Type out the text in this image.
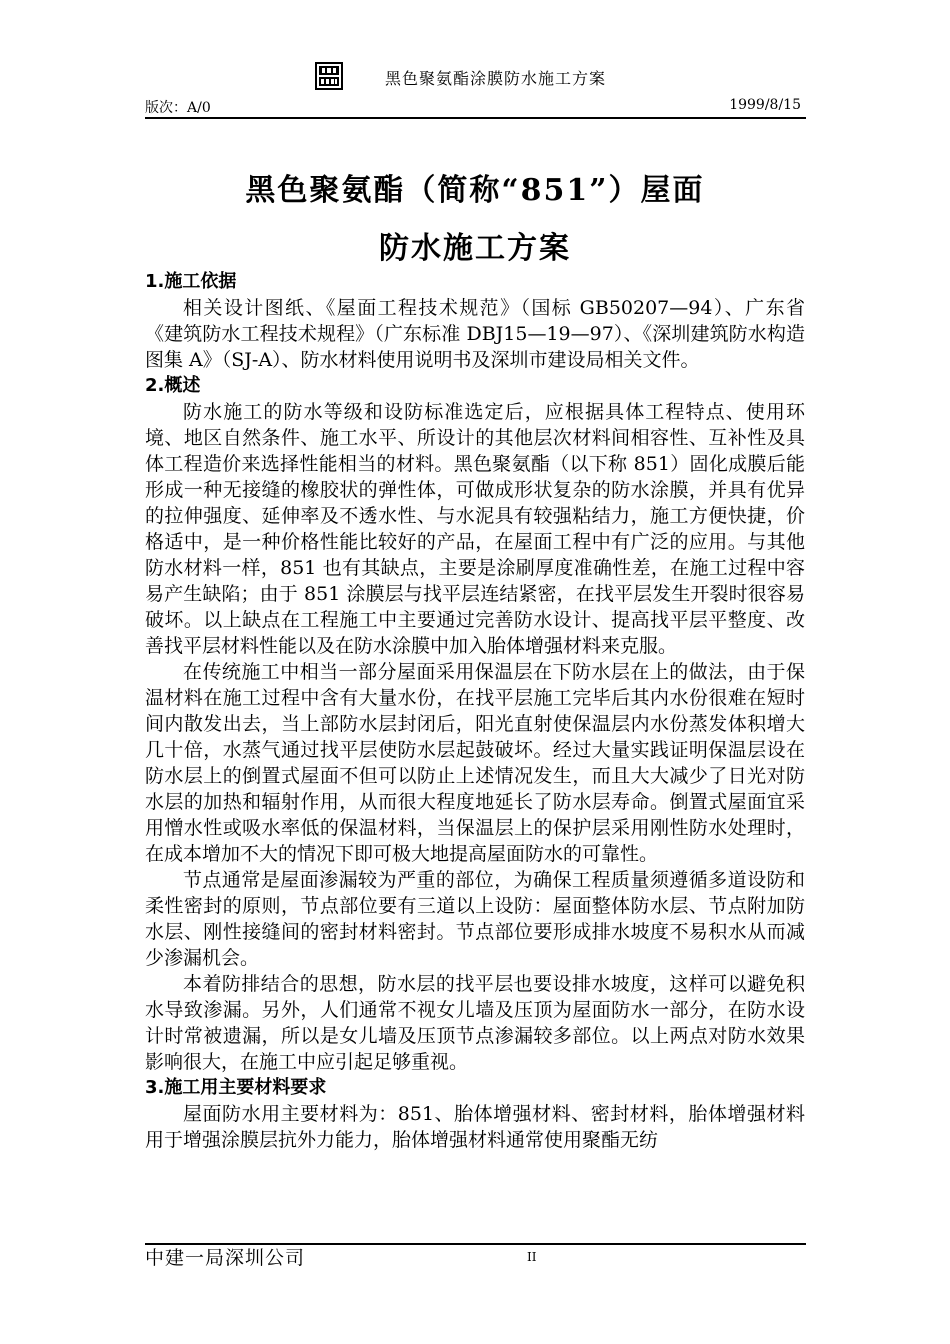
黑色聚氨酯涂膜防水施工方案
版次：A/0	1999/8/15
黑色聚氨酯（简称“851”）屋面
防水施工方案
1.施工依据

相关设计图纸、《屋面工程技术规范》（国标 GB50207—94）、广东省《建筑防水工程技术规程》（广东标准 DBJ15—19—97）、《深圳建筑防水构造图集 A》（SJ-A）、防水材料使用说明书及深圳市建设局相关文件。

2.概述

防水施工的防水等级和设防标准选定后，应根据具体工程特点、使用环境、地区自然条件、施工水平、所设计的其他层次材料间相容性、互补性及具体工程造价来选择性能相当的材料。黑色聚氨酯（以下称 851）固化成膜后能形成一种无接缝的橡胶状的弹性体，可做成形状复杂的防水涂膜，并具有优异的拉伸强度、延伸率及不透水性、与水泥具有较强粘结力，施工方便快捷，价格适中，是一种价格性能比较好的产品，在屋面工程中有广泛的应用。与其他防水材料一样，851 也有其缺点，主要是涂刷厚度准确性差，在施工过程中容易产生缺陷；由于 851 涂膜层与找平层连结紧密，在找平层发生开裂时很容易破坏。以上缺点在工程施工中主要通过完善防水设计、提高找平层平整度、改善找平层材料性能以及在防水涂膜中加入胎体增强材料来克服。

在传统施工中相当一部分屋面采用保温层在下防水层在上的做法，由于保温材料在施工过程中含有大量水份，在找平层施工完毕后其内水份很难在短时间内散发出去，当上部防水层封闭后，阳光直射使保温层内水份蒸发体积增大几十倍，水蒸气通过找平层使防水层起鼓破坏。经过大量实践证明保温层设在防水层上的倒置式屋面不但可以防止上述情况发生，而且大大减少了日光对防水层的加热和辐射作用，从而很大程度地延长了防水层寿命。倒置式屋面宜采用憎水性或吸水率低的保温材料，当保温层上的保护层采用刚性防水处理时，在成本增加不大的情况下即可极大地提高屋面防水的可靠性。

节点通常是屋面渗漏较为严重的部位，为确保工程质量须遵循多道设防和柔性密封的原则，节点部位要有三道以上设防：屋面整体防水层、节点附加防水层、刚性接缝间的密封材料密封。节点部位要形成排水坡度不易积水从而减少渗漏机会。

本着防排结合的思想，防水层的找平层也要设排水坡度，这样可以避免积水导致渗漏。另外，人们通常不视女儿墙及压顶为屋面防水一部分，在防水设计时常被遗漏，所以是女儿墙及压顶节点渗漏较多部位。以上两点对防水效果影响很大，在施工中应引起足够重视。

3.施工用主要材料要求

屋面防水用主要材料为：851、胎体增强材料、密封材料，胎体增强材料用于增强涂膜层抗外力能力，胎体增强材料通常使用聚酯无纺

中建一局深圳公司	II
